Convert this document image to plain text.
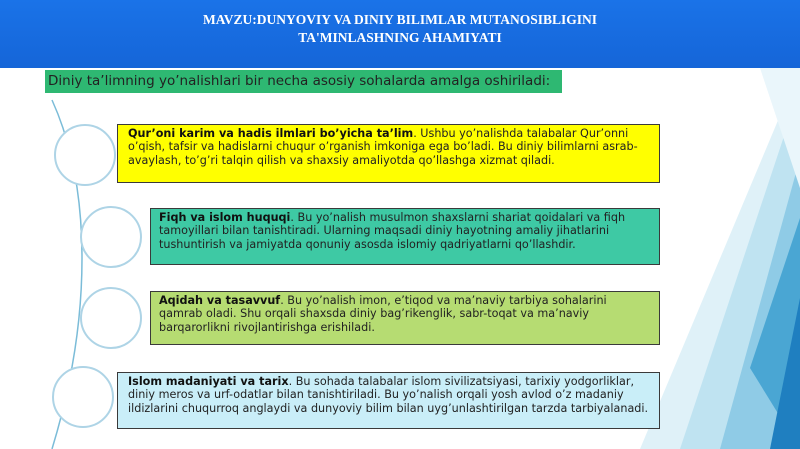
MAVZU:DUNYOVIY VA DINIY BILIMLAR MUTANOSIBLIGINI
TA'MINLASHNING AHAMIYATI
Diniy ta’limning yo’nalishlari bir necha asosiy sohalarda amalga oshiriladi:
Qur’oni karim va hadis ilmlari bo’yicha ta’lim. Ushbu yo’nalishda talabalar Qur’onni o’qish, tafsir va hadislarni chuqur o’rganish imkoniga ega bo’ladi. Bu diniy bilimlarni asrab-avaylash, to’g’ri talqin qilish va shaxsiy amaliyotda qo’llashga xizmat qiladi.
Fiqh va islom huquqi. Bu yo’nalish musulmon shaxslarni shariat qoidalari va fiqh tamoyillari bilan tanishtiradi. Ularning maqsadi diniy hayotning amaliy jihatlarini tushuntirish va jamiyatda qonuniy asosda islomiy qadriyatlarni qo’llashdir.
Aqidah va tasavvuf. Bu yo’nalish imon, e’tiqod va ma’naviy tarbiya sohalarini qamrab oladi. Shu orqali shaxsda diniy bag’rikenglik, sabr-toqat va ma’naviy barqarorlikni rivojlantirishga erishiladi.
Islom madaniyati va tarix. Bu sohada talabalar islom sivilizatsiyasi, tarixiy yodgorliklar, diniy meros va urf-odatlar bilan tanishtiriladi. Bu yo’nalish orqali yosh avlod o’z madaniy ildizlarini chuqurroq anglaydi va dunyoviy bilim bilan uyg’unlashtirilgan tarzda tarbiyalanadi.
